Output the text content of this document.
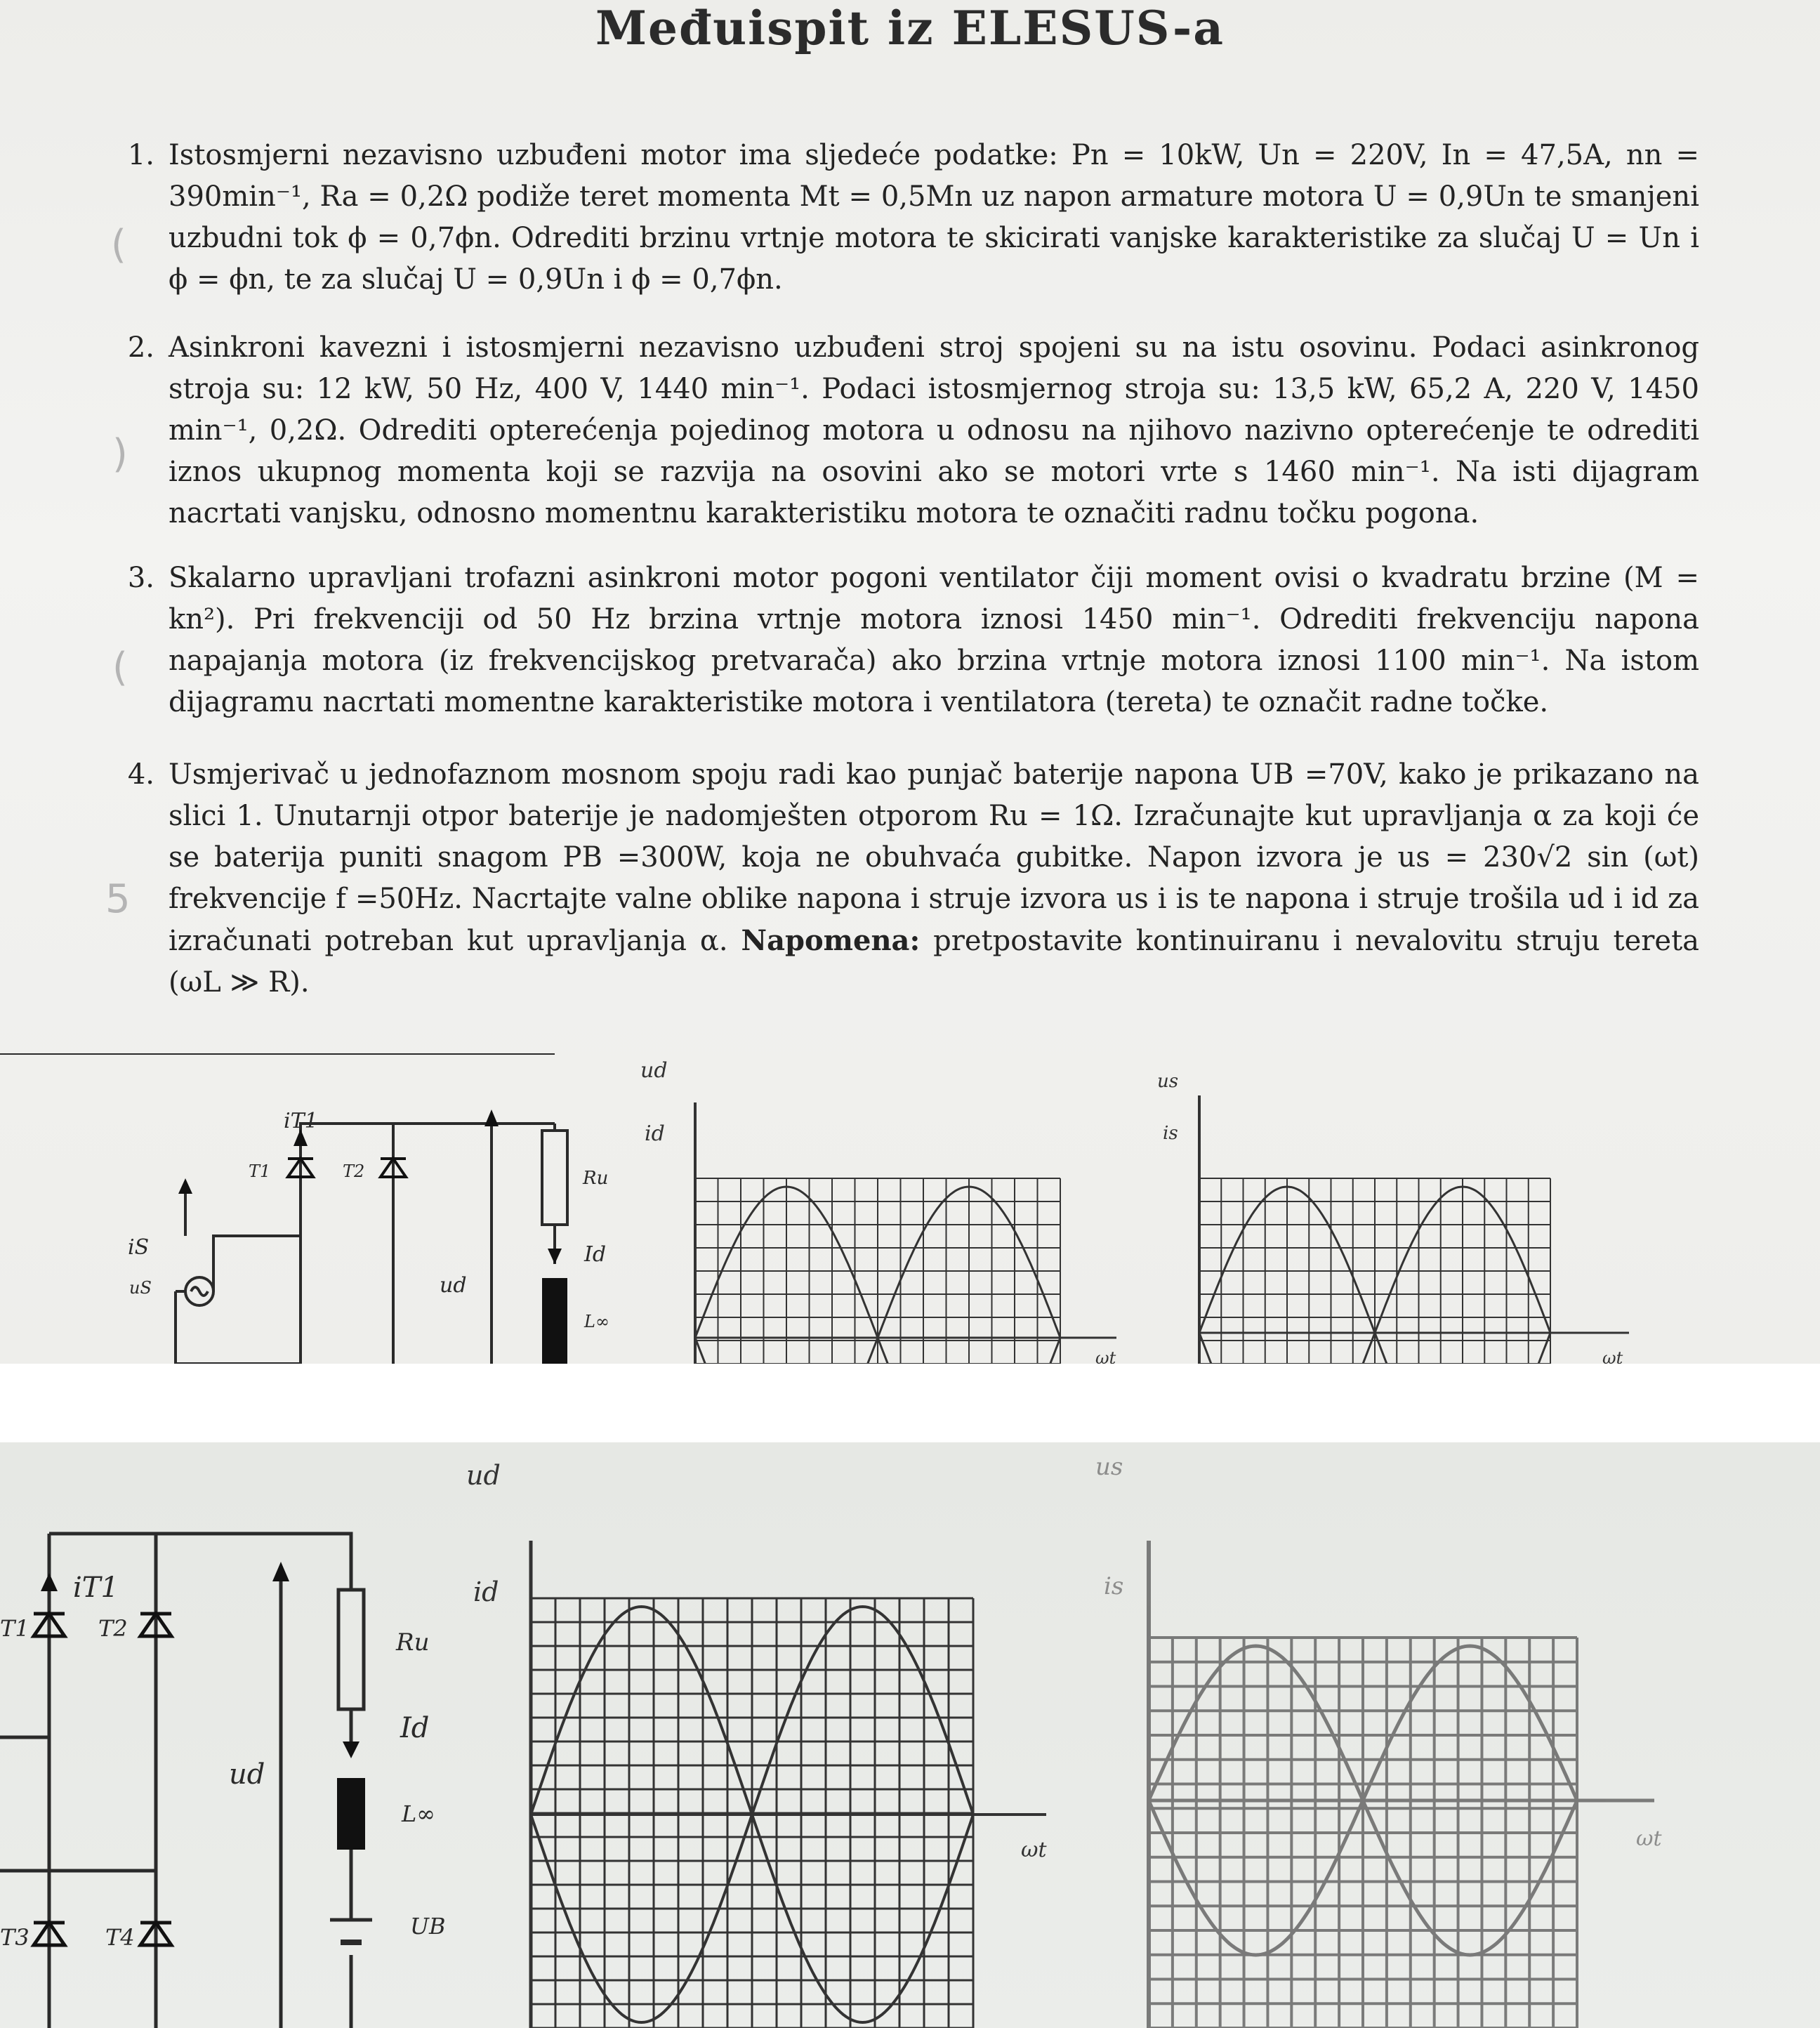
Međuispit iz ELESUS-a
1. Istosmjerni nezavisno uzbuđeni motor ima sljedeće podatke: Pn = 10kW, Un = 220V, In = 47,5A, nn = 390min⁻¹, Ra = 0,2Ω podiže teret momenta Mt = 0,5Mn uz napon armature motora U = 0,9Un te smanjeni uzbudni tok ϕ = 0,7ϕn. Odrediti brzinu vrtnje motora te skicirati vanjske karakteristike za slučaj U = Un i ϕ = ϕn, te za slučaj U = 0,9Un i ϕ = 0,7ϕn.
2. Asinkroni kavezni i istosmjerni nezavisno uzbuđeni stroj spojeni su na istu osovinu. Podaci asinkronog stroja su: 12 kW, 50 Hz, 400 V, 1440 min⁻¹. Podaci istosmjernog stroja su: 13,5 kW, 65,2 A, 220 V, 1450 min⁻¹, 0,2Ω. Odrediti opterećenja pojedinog motora u odnosu na njihovo nazivno opterećenje te odrediti iznos ukupnog momenta koji se razvija na osovini ako se motori vrte s 1460 min⁻¹. Na isti dijagram nacrtati vanjsku, odnosno momentnu karakteristiku motora te označiti radnu točku pogona.
3. Skalarno upravljani trofazni asinkroni motor pogoni ventilator čiji moment ovisi o kvadratu brzine (M = kn²). Pri frekvenciji od 50 Hz brzina vrtnje motora iznosi 1450 min⁻¹. Odrediti frekvenciju napona napajanja motora (iz frekvencijskog pretvarača) ako brzina vrtnje motora iznosi 1100 min⁻¹. Na istom dijagramu nacrtati momentne karakteristike motora i ventilatora (tereta) te označit radne točke.
4. Usmjerivač u jednofaznom mosnom spoju radi kao punjač baterije napona UB =70V, kako je prikazano na slici 1. Unutarnji otpor baterije je nadomješten otporom Ru = 1Ω. Izračunajte kut upravljanja α za koji će se baterija puniti snagom PB =300W, koja ne obuhvaća gubitke. Napon izvora je us = 230√2 sin (ωt) frekvencije f =50Hz. Nacrtajte valne oblike napona i struje izvora us i is te napona i struje trošila ud i id za izračunati potreban kut upravljanja α. Napomena: pretpostavite kontinuiranu i nevalovitu struju tereta (ωL ≫ R).
(
)
(
5
iT1
T1	T2
iS
uS	ud
Ru
Id
L∞
ud
id
ωt
us
is
ωt
iT1
T1	T2
T3	T4
ud
Ru
Id
L∞
UB
ud
id
ωt
us
is
ωt
